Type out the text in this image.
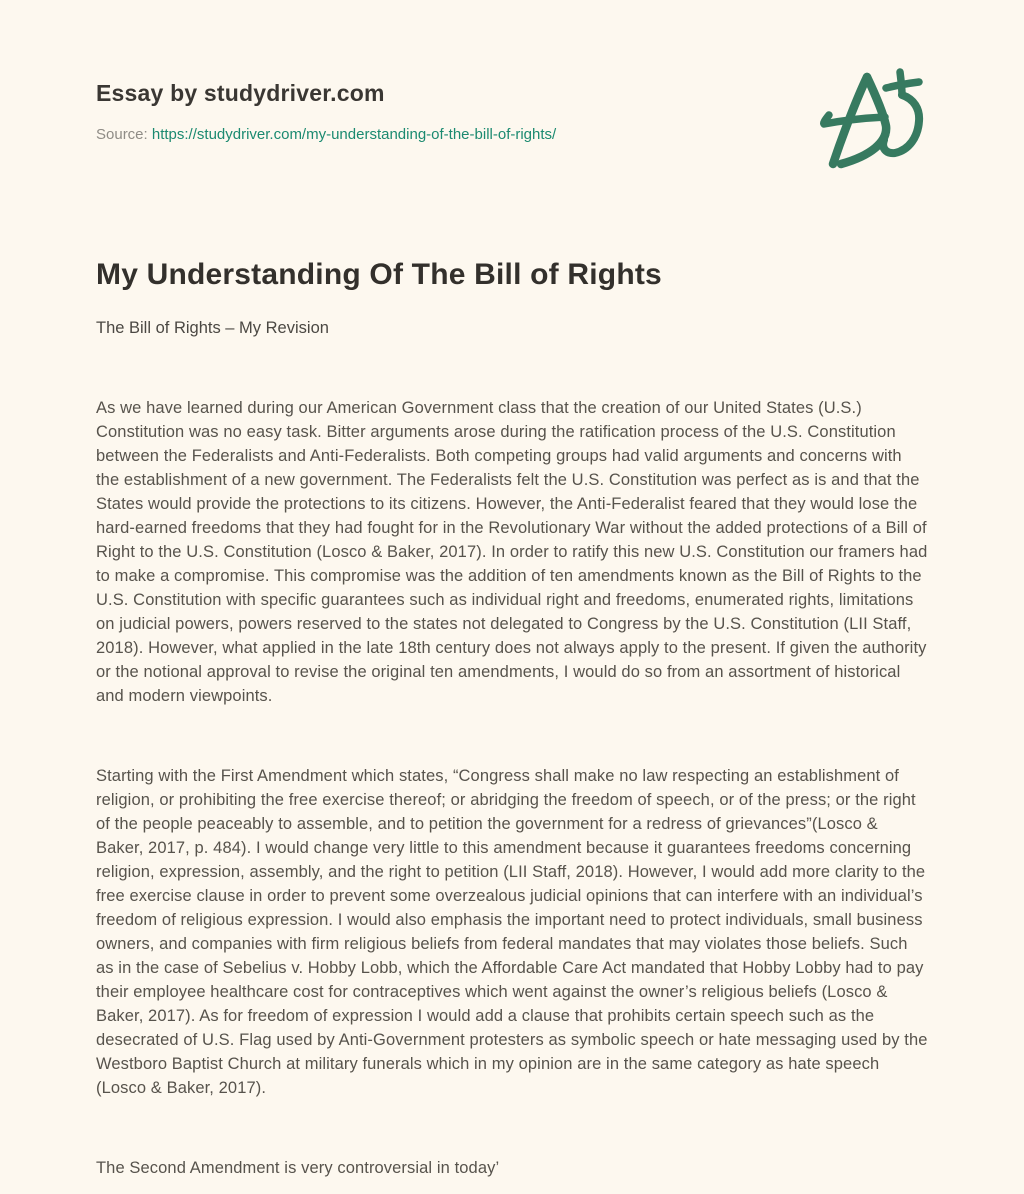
Essay by studydriver.com
Source: https://studydriver.com/my-understanding-of-the-bill-of-rights/
My Understanding Of The Bill of Rights
The Bill of Rights – My Revision

As we have learned during our American Government class that the creation of our United States (U.S.) Constitution was no easy task. Bitter arguments arose during the ratification process of the U.S. Constitution between the Federalists and Anti-Federalists. Both competing groups had valid arguments and concerns with the establishment of a new government. The Federalists felt the U.S. Constitution was perfect as is and that the States would provide the protections to its citizens. However, the Anti-Federalist feared that they would lose the hard-earned freedoms that they had fought for in the Revolutionary War without the added protections of a Bill of Right to the U.S. Constitution (Losco & Baker, 2017). In order to ratify this new U.S. Constitution our framers had to make a compromise. This compromise was the addition of ten amendments known as the Bill of Rights to the U.S. Constitution with specific guarantees such as individual right and freedoms, enumerated rights, limitations on judicial powers, powers reserved to the states not delegated to Congress by the U.S. Constitution (LII Staff, 2018). However, what applied in the late 18th century does not always apply to the present. If given the authority or the notional approval to revise the original ten amendments, I would do so from an assortment of historical and modern viewpoints.

Starting with the First Amendment which states, “Congress shall make no law respecting an establishment of religion, or prohibiting the free exercise thereof; or abridging the freedom of speech, or of the press; or the right of the people peaceably to assemble, and to petition the government for a redress of grievances”(Losco & Baker, 2017, p. 484). I would change very little to this amendment because it guarantees freedoms concerning religion, expression, assembly, and the right to petition (LII Staff, 2018). However, I would add more clarity to the free exercise clause in order to prevent some overzealous judicial opinions that can interfere with an individual’s freedom of religious expression. I would also emphasis the important need to protect individuals, small business owners, and companies with firm religious beliefs from federal mandates that may violates those beliefs. Such as in the case of Sebelius v. Hobby Lobb, which the Affordable Care Act mandated that Hobby Lobby had to pay their employee healthcare cost for contraceptives which went against the owner’s religious beliefs (Losco & Baker, 2017). As for freedom of expression I would add a clause that prohibits certain speech such as the desecrated of U.S. Flag used by Anti-Government protesters as symbolic speech or hate messaging used by the Westboro Baptist Church at military funerals which in my opinion are in the same category as hate speech (Losco & Baker, 2017).

The Second Amendment is very controversial in today’
